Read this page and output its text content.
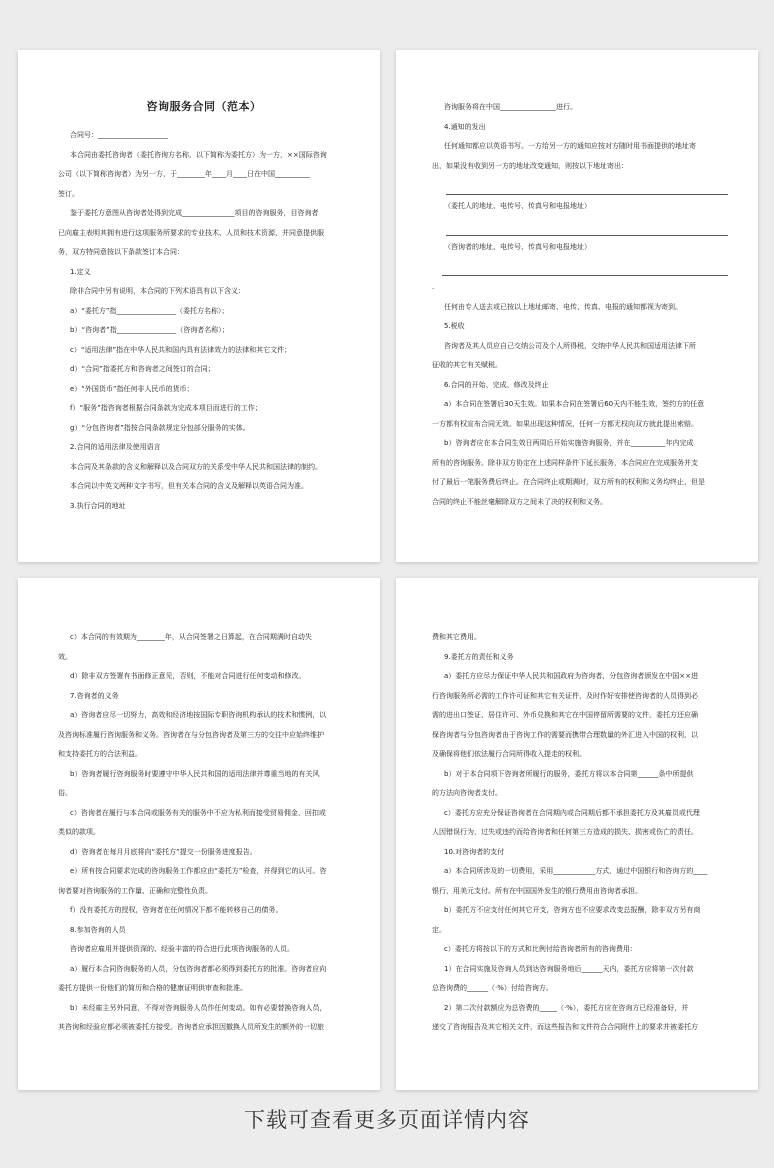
咨询服务合同（范本）
合同号：____________________
本合同由委托咨询者（委托咨询方名称，以下简称为委托方）为一方，××国际咨询
公司（以下简称咨询者）为另一方，于________年____月____日在中国__________
签订。
鉴于委托方意图从咨询者处得到完成_______________项目的咨询服务，目咨询者
已向雇主表明其拥有进行这项服务所要求的专业技术、人员和技术资源，并同意提供服
务，双方特同意按以下条款签订本合同：
1.定义
除非合同中另有说明，本合同的下列术语具有以下含义：
a）“委托方”指_________________（委托方名称）；
b）“咨询者”指_________________（咨询者名称）；
c）“适用法律”指在中华人民共和国内具有法律效力的法律和其它文件；
d）“合同”指委托方和咨询者之间签订的合同；
e）“外国货币”指任何非人民币的货币；
f）“服务”指咨询者根据合同条款为完成本项目而进行的工作；
g）“分包咨询者”指按合同条款规定分包部分服务的实体。
2.合同的适用法律及使用语言
本合同及其条款的含义和解释以及合同双方的关系受中华人民共和国法律的制约。
本合同以中英文两种文字书写，但有关本合同的含义及解释以英语合同为准。
3.执行合同的地址
咨询服务将在中国________________进行。
4.通知的发出
任何通知都应以英语书写。一方给另一方的通知应按对方随时用书面提供的地址寄
出，如果没有收到另一方的地址改变通知，则按以下地址寄出：
（委托人的地址、电传号、传真号和电报地址）
（咨询者的地址、电传号、传真号和电报地址）
.
任何由专人送去或已按以上地址邮寄、电传、传真、电报的通知都视为寄到。
5.税收
咨询者及其人员应自己交纳公司及个人所得税，交纳中华人民共和国适用法律下所
征收的其它有关赋税。
6.合同的开始、完成、修改及终止
a）本合同在签署后30天生效。如果本合同在签署后60天内不能生效，签约方的任意
一方都有权宣布合同无效。如果出现这种情况，任何一方都无权向双方就此提出索赔。
b）咨询者应在本合同生效日两周后开始实施咨询服务，并在__________年内完成
所有的咨询服务。除非双方协定在上述同样条件下延长服务，本合同应在完成服务并支
付了最后一笔服务费后终止。在合同终止或期满时，双方所有的权利和义务均终止，但是
合同的终止不能丝毫解除双方之间未了决的权利和义务。
c）本合同的有效期为________年，从合同签署之日算起，在合同期满时自动失
效。
d）除非双方签署有书面修正意见，否则，不能对合同进行任何变动和修改。
7.咨询者的义务
a）咨询者应尽一切努力，高效和经济地按国际专职咨询机构承认的技术和惯例，以
及咨询标准履行咨询服务和义务。咨询者在与分包咨询者及第三方的交往中应始终维护
和支持委托方的合法利益。
b）咨询者履行咨询服务时要遵守中华人民共和国的适用法律并尊重当地的有关风
俗。
c）咨询者在履行与本合同或服务有关的服务中不应为私利而接受贸易佣金、回扣或
类似的款项。
d）咨询者在每月月底将向“委托方”提交一份服务进度报告。
e）所有按合同要求完成的咨询服务工作都应由“委托方”检查，并得到它的认可。咨
询者要对咨询服务的工作量、正确和完整性负责。
f）没有委托方的授权，咨询者在任何情况下都不能转移自己的债务。
8.参加咨询的人员
咨询者应雇用并提供资深的、经验丰富的符合进行此项咨询服务的人员。
a）履行本合同咨询服务的人员，分包咨询者都必须得到委托方的批准。咨询者应向
委托方提供一份他们的简历和合格的健康证明供审查和批准。
b）未经雇主另外同意，不得对咨询服务人员作任何变动。如有必要替换咨询人员，
其咨询和经验应都必须被委托方接受。咨询者应承担因撤换人员所发生的额外的一切旅
费和其它费用。
9.委托方的责任和义务
a）委托方应尽力保证中华人民共和国政府为咨询者，分包咨询者颁发在中国××进
行咨询服务所必需的工作许可证和其它有关证件，及时作好安排使咨询者的人员得到必
需的进出口签证、居住许可、外币兑换和其它在中国停留所需要的文件。委托方还应确
保咨询者与分包咨询者由于咨询工作的需要而携带合理数量的外汇进入中国的权利，以
及确保将他们依法履行合同所得收入提走的权利。
b）对于本合同项下咨询者所履行的服务，委托方将以本合同第______条中所提供
的方法向咨询者支付。
c）委托方应充分保证咨询者在合同期内或合同期后都不承担委托方及其雇员或代理
人因错误行为，过失或违约而给咨询者和任何第三方造成的损失、损害或伤亡的责任。
10.对咨询者的支付
a）本合同所涉及的一切费用，采用____________方式，通过中国银行和咨询方的____
银行，用美元支付。所有在中国国外发生的银行费用由咨询者承担。
b）委托方不应支付任何其它开支，咨询方也不应要求改变总报酬，除非双方另有商
定。
c）委托方将按以下的方式和比例付给咨询者所有的咨询费用：
1）在合同实施及咨询人员到达咨询服务地后______天内，委托方应将第一次付款
总咨询费的______（·%）付给咨询方。
2）第二次付款额应为总咨费的_____（·%），委托方应在咨询方已经准备好，并
递交了咨询报告及其它相关文件，而这些报告和文件符合合同附件上的要求并被委托方
下载可查看更多页面详情内容
